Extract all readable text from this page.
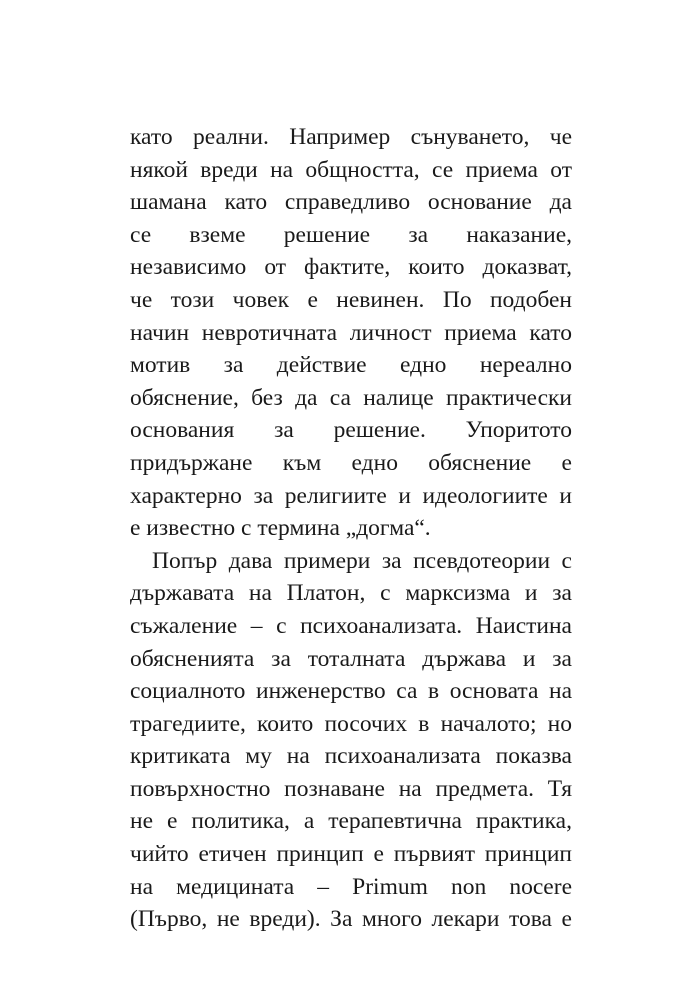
като реални. Например сънуването, че
някой вреди на общността, се приема от
шамана като справедливо основание да
се вземе решение за наказание,
независимо от фактите, които доказват,
че този човек е невинен. По подобен
начин невротичната личност приема като
мотив за действие едно нереално
обяснение, без да са налице практически
основания за решение. Упоритото
придържане към едно обяснение е
характерно за религиите и идеологиите и
е известно с термина „догма“.
Попър дава примери за псевдотеории с
държавата на Платон, с марксизма и за
съжаление – с психоанализата. Наистина
обясненията за тоталната държава и за
социалното инженерство са в основата на
трагедиите, които посочих в началото; но
критиката му на психоанализата показва
повърхностно познаване на предмета. Тя
не е политика, а терапевтична практика,
чийто етичен принцип е първият принцип
на медицината – Primum non nocere
(Първо, не вреди). За много лекари това е
